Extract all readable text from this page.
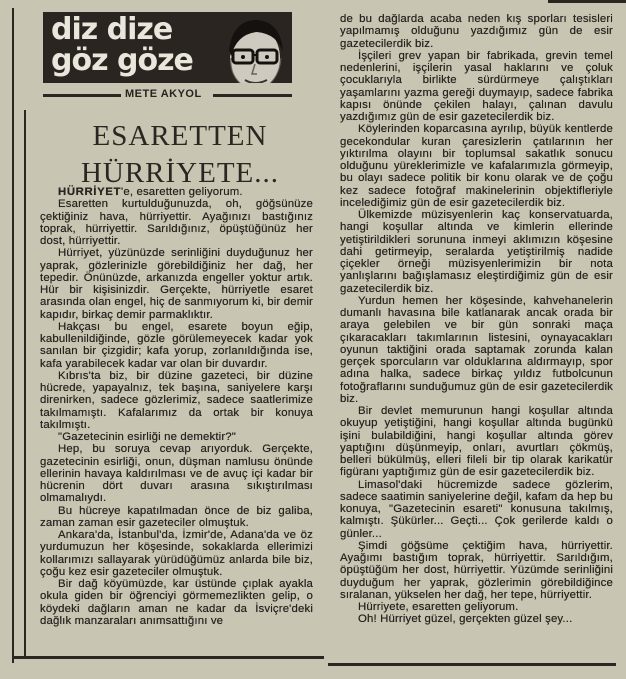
diz dize
göz göze
METE AKYOL
ESARETTEN
HÜRRİYETE...

HÜRRİYET'e, esaretten geliyorum.

Esaretten kurtulduğunuzda, oh, göğsünüze çektiğiniz hava, hürriyettir. Ayağınızı bastığınız toprak, hürriyettir. Sarıldığınız, öpüştüğünüz her dost, hürriyettir.

Hürriyet, yüzünüzde serinliğini duyduğunuz her yaprak, gözlerinizle görebildiğiniz her dağ, her tepedir. Önünüzde, arkanızda engeller yoktur artık. Hür bir kişisinizdir. Gerçekte, hürriyetle esaret arasında olan engel, hiç de sanmıyorum ki, bir demir kapıdır, birkaç demir parmaklıktır.

Hakçası bu engel, esarete boyun eğip, kabullenildiğinde, gözle görülemeyecek kadar yok sanılan bir çizgidir; kafa yorup, zorlanıldığında ise, kafa yarabilecek kadar var olan bir duvardır.

Kıbrıs'ta biz, bir düzine gazeteci, bir düzine hücrede, yapayalnız, tek başına, saniyelere karşı direnirken, sadece gözlerimiz, sadece saatlerimize takılmamıştı. Kafalarımız da ortak bir konuya takılmıştı.

"Gazetecinin esirliği ne demektir?"

Hep, bu soruya cevap arıyorduk. Gerçekte, gazetecinin esirliği, onun, düşman namlusu önünde ellerinin havaya kaldırılması ve de avuç içi kadar bir hücrenin dört duvarı arasına sıkıştırılması olmamalıydı.

Bu hücreye kapatılmadan önce de biz galiba, zaman zaman esir gazeteciler olmuştuk.

Ankara'da, İstanbul'da, İzmir'de, Adana'da ve öz yurdumuzun her köşesinde, sokaklarda ellerimizi kollarımızı sallayarak yürüdüğümüz anlarda bile biz, çoğu kez esir gazeteciler olmuştuk.

Bir dağ köyümüzde, kar üstünde çıplak ayakla okula giden bir öğrenciyi görmemezlikten gelip, o köydeki dağların aman ne kadar da İsviçre'deki dağlık manzaraları anımsattığını ve

de bu dağlarda acaba neden kış sporları tesisleri yapılmamış olduğunu yazdığımız gün de esir gazetecilerdik biz.

İşçileri grev yapan bir fabrikada, grevin temel nedenlerini, işçilerin yasal haklarını ve çoluk çocuklarıyla birlikte sürdürmeye çalıştıkları yaşamlarını yazma gereği duymayıp, sadece fabrika kapısı önünde çekilen halayı, çalınan davulu yazdığımız gün de esir gazetecilerdik biz.

Köylerinden koparcasına ayrılıp, büyük kentlerde gecekondular kuran çaresizlerin çatılarının her yıktırılma olayını bir toplumsal sakatlık sonucu olduğunu yüreklerimizle ve kafalarımızla görmeyip, bu olayı sadece politik bir konu olarak ve de çoğu kez sadece fotoğraf makinelerinin objektifleriyle incelediğimiz gün de esir gazetecilerdik biz.

Ülkemizde müzisyenlerin kaç konservatuarda, hangi koşullar altında ve kimlerin ellerinde yetiştirildikleri sorununa inmeyi aklımızın köşesine dahi getirmeyip, seralarda yetiştirilmiş nadide çiçekler örneği müzisyenlerimizin bir nota yanlışlarını bağışlamasız eleştirdiğimiz gün de esir gazetecilerdik biz.

Yurdun hemen her köşesinde, kahvehanelerin dumanlı havasına bile katlanarak ancak orada bir araya gelebilen ve bir gün sonraki maça çıkaracakları takımlarının listesini, oynayacakları oyunun taktiğini orada saptamak zorunda kalan gerçek sporcuların var olduklarına aldırmayıp, spor adına halka, sadece birkaç yıldız futbolcunun fotoğraflarını sunduğumuz gün de esir gazetecilerdik biz.

Bir devlet memurunun hangi koşullar altında okuyup yetiştiğini, hangi koşullar altında bugünkü işini bulabildiğini, hangi koşullar altında görev yaptığını düşünmeyip, onları, avurtları çökmüş, belleri bükülmüş, elleri fileli bir tip olarak karikatür figüranı yaptığımız gün de esir gazetecilerdik biz.

Limasol'daki hücremizde sadece gözlerim, sadece saatimin saniyelerine değil, kafam da hep bu konuya, "Gazetecinin esareti" konusuna takılmış, kalmıştı. Şükürler... Geçti... Çok gerilerde kaldı o günler...

Şimdi göğsüme çektiğim hava, hürriyettir. Ayağımı bastığım toprak, hürriyettir. Sarıldığım, öpüştüğüm her dost, hürriyettir. Yüzümde serinliğini duyduğum her yaprak, gözlerimin görebildiğince sıralanan, yükselen her dağ, her tepe, hürriyettir.

Hürriyete, esaretten geliyorum.

Oh! Hürriyet güzel, gerçekten güzel şey...
